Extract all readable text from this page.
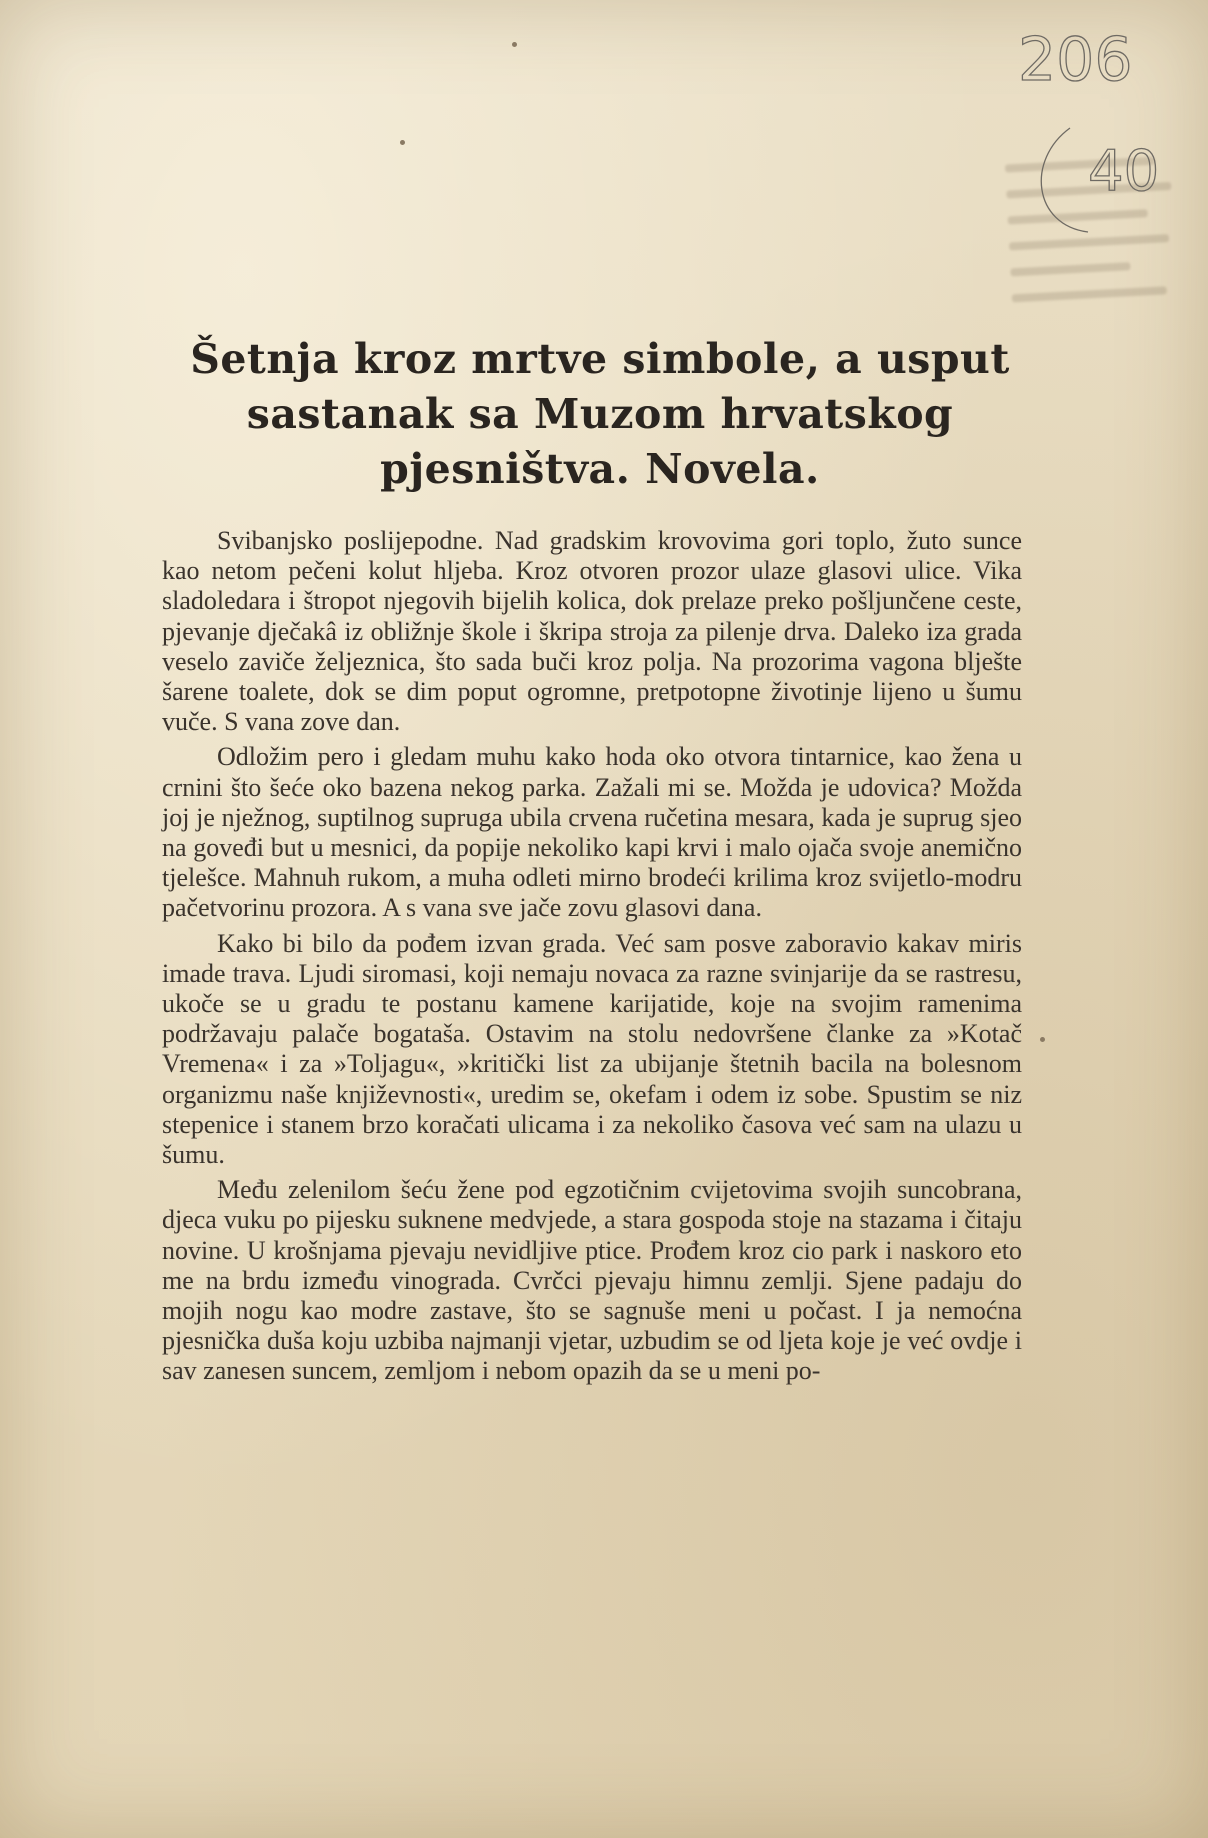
206
40
Šetnja kroz mrtve simbole, a usput
sastanak sa Muzom hrvatskog
pjesništva. Novela.

Svibanjsko poslijepodne. Nad gradskim krovovima gori toplo, žuto sunce kao netom pečeni kolut hljeba. Kroz otvoren prozor ulaze glasovi ulice. Vika sladoledara i štropot njegovih bijelih kolica, dok prelaze preko pošljunčene ceste, pjevanje dječakâ iz obližnje škole i škripa stroja za pilenje drva. Daleko iza grada veselo zaviče željeznica, što sada buči kroz polja. Na prozorima vagona blješte šarene toalete, dok se dim poput ogromne, pretpotopne životinje lijeno u šumu vuče. S vana zove dan.

Odložim pero i gledam muhu kako hoda oko otvora tintarnice, kao žena u crnini što šeće oko bazena nekog parka. Zažali mi se. Možda je udovica? Možda joj je nježnog, suptilnog supruga ubila crvena ručetina mesara, kada je suprug sjeo na goveđi but u mesnici, da popije nekoliko kapi krvi i malo ojača svoje anemično tjelešce. Mahnuh rukom, a muha odleti mirno brodeći krilima kroz svijetlo-modru pačetvorinu prozora. A s vana sve jače zovu glasovi dana.

Kako bi bilo da pođem izvan grada. Već sam posve zaboravio kakav miris imade trava. Ljudi siromasi, koji nemaju novaca za razne svinjarije da se rastresu, ukoče se u gradu te postanu kamene karijatide, koje na svojim ramenima podržavaju palače bogataša. Ostavim na stolu nedovršene članke za »Kotač Vremena« i za »Toljagu«, »kritički list za ubijanje štetnih bacila na bolesnom organizmu naše književnosti«, uredim se, okefam i odem iz sobe. Spustim se niz stepenice i stanem brzo koračati ulicama i za nekoliko časova već sam na ulazu u šumu.

Među zelenilom šeću žene pod egzotičnim cvijetovima svojih suncobrana, djeca vuku po pijesku suknene medvjede, a stara gospoda stoje na stazama i čitaju novine. U krošnjama pjevaju nevidljive ptice. Prođem kroz cio park i naskoro eto me na brdu između vinograda. Cvrčci pjevaju himnu zemlji. Sjene padaju do mojih nogu kao modre zastave, što se sagnuše meni u počast. I ja nemoćna pjesnička duša koju uzbiba najmanji vjetar, uzbudim se od ljeta koje je već ovdje i sav zanesen suncem, zemljom i nebom opazih da se u meni po-
